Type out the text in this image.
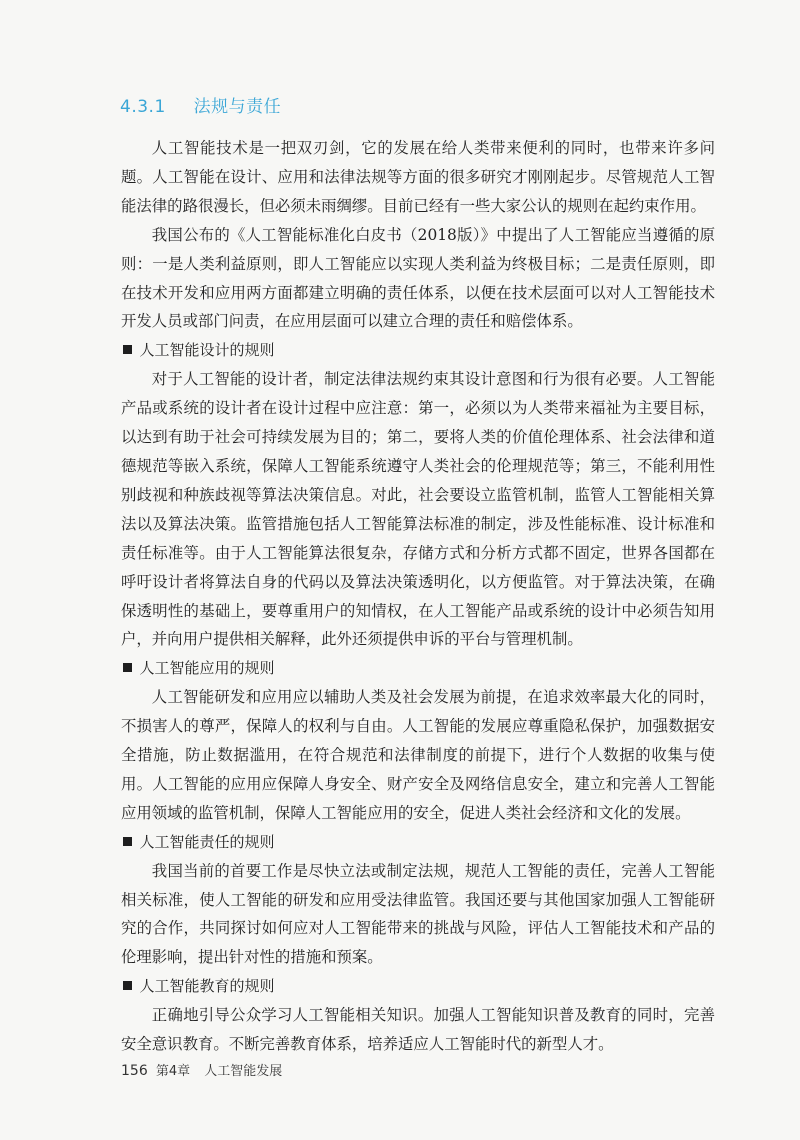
4.3.1 法规与责任

人工智能技术是一把双刃剑，它的发展在给人类带来便利的同时，也带来许多问题。人工智能在设计、应用和法律法规等方面的很多研究才刚刚起步。尽管规范人工智能法律的路很漫长，但必须未雨绸缪。目前已经有一些大家公认的规则在起约束作用。

我国公布的《人工智能标准化白皮书（2018版）》中提出了人工智能应当遵循的原则：一是人类利益原则，即人工智能应以实现人类利益为终极目标；二是责任原则，即在技术开发和应用两方面都建立明确的责任体系，以便在技术层面可以对人工智能技术开发人员或部门问责，在应用层面可以建立合理的责任和赔偿体系。

人工智能设计的规则

对于人工智能的设计者，制定法律法规约束其设计意图和行为很有必要。人工智能产品或系统的设计者在设计过程中应注意：第一，必须以为人类带来福祉为主要目标，以达到有助于社会可持续发展为目的；第二，要将人类的价值伦理体系、社会法律和道德规范等嵌入系统，保障人工智能系统遵守人类社会的伦理规范等；第三，不能利用性别歧视和种族歧视等算法决策信息。对此，社会要设立监管机制，监管人工智能相关算法以及算法决策。监管措施包括人工智能算法标准的制定，涉及性能标准、设计标准和责任标准等。由于人工智能算法很复杂，存储方式和分析方式都不固定，世界各国都在呼吁设计者将算法自身的代码以及算法决策透明化，以方便监管。对于算法决策，在确保透明性的基础上，要尊重用户的知情权，在人工智能产品或系统的设计中必须告知用户，并向用户提供相关解释，此外还须提供申诉的平台与管理机制。

人工智能应用的规则

人工智能研发和应用应以辅助人类及社会发展为前提，在追求效率最大化的同时，不损害人的尊严，保障人的权利与自由。人工智能的发展应尊重隐私保护，加强数据安全措施，防止数据滥用，在符合规范和法律制度的前提下，进行个人数据的收集与使用。人工智能的应用应保障人身安全、财产安全及网络信息安全，建立和完善人工智能应用领域的监管机制，保障人工智能应用的安全，促进人类社会经济和文化的发展。

人工智能责任的规则

我国当前的首要工作是尽快立法或制定法规，规范人工智能的责任，完善人工智能相关标准，使人工智能的研发和应用受法律监管。我国还要与其他国家加强人工智能研究的合作，共同探讨如何应对人工智能带来的挑战与风险，评估人工智能技术和产品的伦理影响，提出针对性的措施和预案。

人工智能教育的规则

正确地引导公众学习人工智能相关知识。加强人工智能知识普及教育的同时，完善安全意识教育。不断完善教育体系，培养适应人工智能时代的新型人才。

156 第4章 人工智能发展
